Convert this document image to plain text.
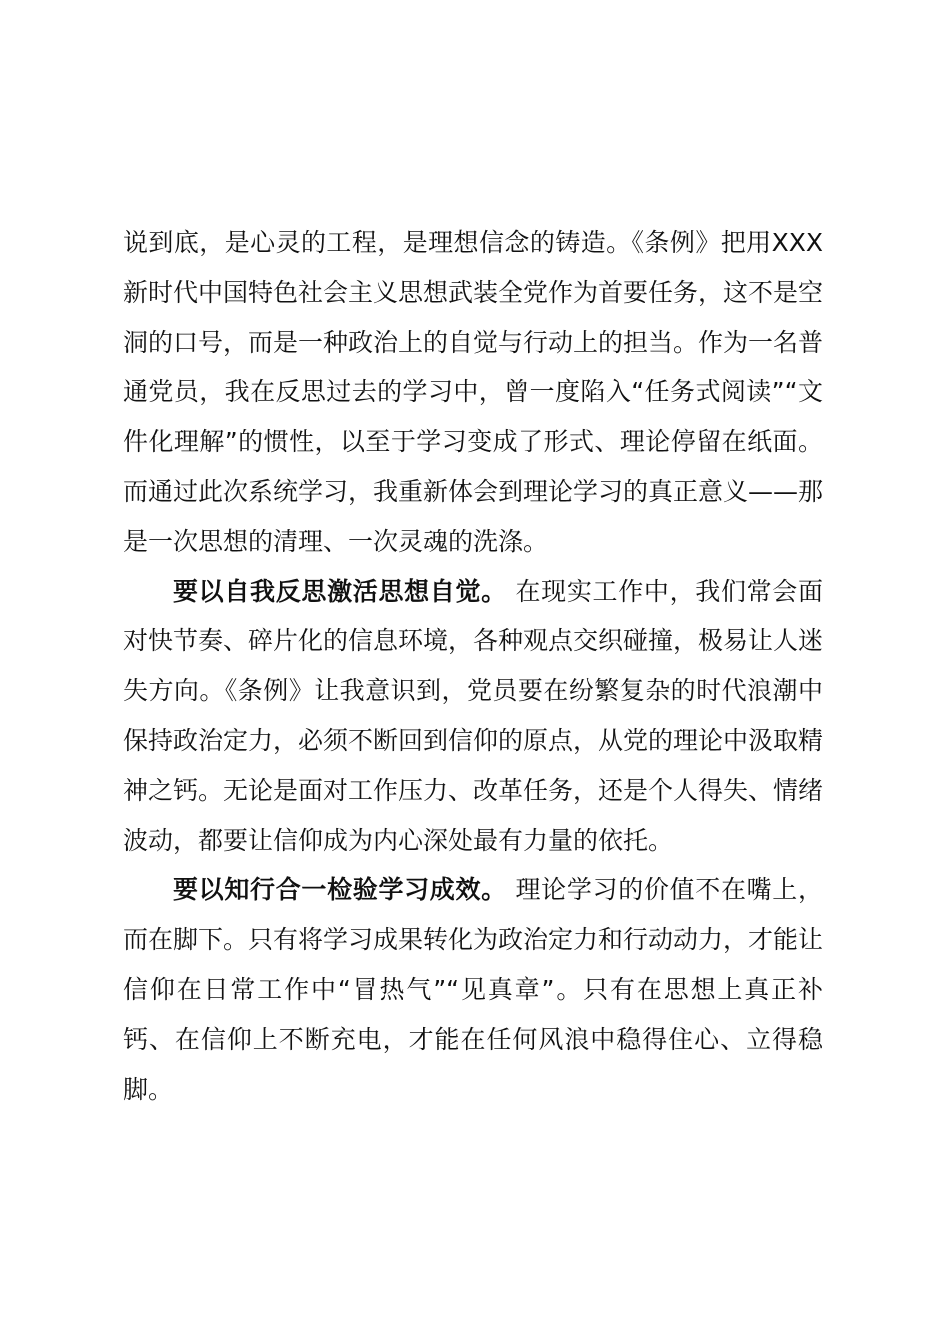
说到底，是心灵的工程，是理想信念的铸造。《条例》把用XXX新时代中国特色社会主义思想武装全党作为首要任务，这不是空洞的口号，而是一种政治上的自觉与行动上的担当。作为一名普通党员，我在反思过去的学习中，曾一度陷入“任务式阅读”“文件化理解”的惯性，以至于学习变成了形式、理论停留在纸面。而通过此次系统学习，我重新体会到理论学习的真正意义——那是一次思想的清理、一次灵魂的洗涤。

要以自我反思激活思想自觉。 在现实工作中，我们常会面对快节奏、碎片化的信息环境，各种观点交织碰撞，极易让人迷失方向。《条例》让我意识到，党员要在纷繁复杂的时代浪潮中保持政治定力，必须不断回到信仰的原点，从党的理论中汲取精神之钙。无论是面对工作压力、改革任务，还是个人得失、情绪波动，都要让信仰成为内心深处最有力量的依托。

要以知行合一检验学习成效。 理论学习的价值不在嘴上，而在脚下。只有将学习成果转化为政治定力和行动动力，才能让信仰在日常工作中“冒热气”“见真章”。只有在思想上真正补钙、在信仰上不断充电，才能在任何风浪中稳得住心、立得稳脚。
